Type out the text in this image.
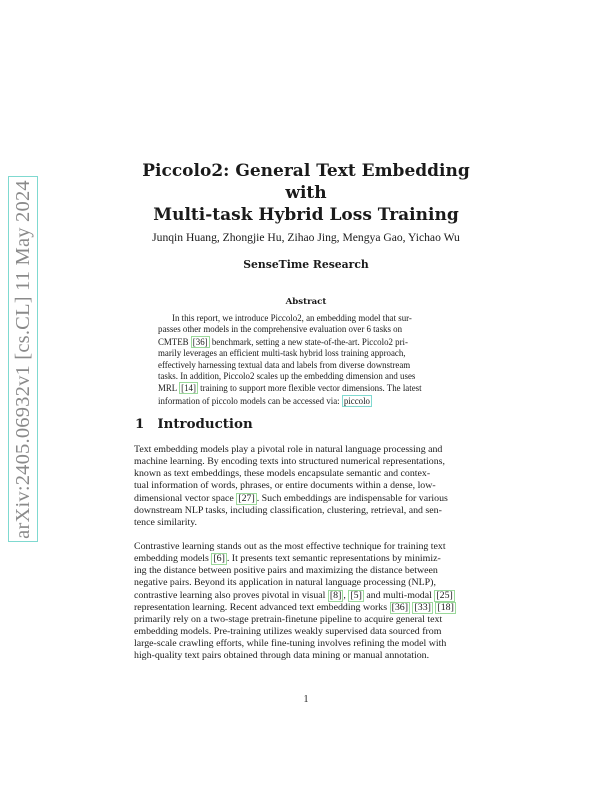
arXiv:2405.06932v1 [cs.CL] 11 May 2024
Piccolo2: General Text Embedding with
Multi-task Hybrid Loss Training
Junqin Huang, Zhongjie Hu, Zihao Jing, Mengya Gao, Yichao Wu
SenseTime Research
Abstract
In this report, we introduce Piccolo2, an embedding model that sur-
passes other models in the comprehensive evaluation over 6 tasks on
CMTEB [36] benchmark, setting a new state-of-the-art. Piccolo2 pri-
marily leverages an efficient multi-task hybrid loss training approach,
effectively harnessing textual data and labels from diverse downstream
tasks. In addition, Piccolo2 scales up the embedding dimension and uses
MRL [14] training to support more flexible vector dimensions. The latest
information of piccolo models can be accessed via: piccolo
1 Introduction
Text embedding models play a pivotal role in natural language processing and
machine learning. By encoding texts into structured numerical representations,
known as text embeddings, these models encapsulate semantic and contex-
tual information of words, phrases, or entire documents within a dense, low-
dimensional vector space [27] . Such embeddings are indispensable for various
downstream NLP tasks, including classification, clustering, retrieval, and sen-
tence similarity.
Contrastive learning stands out as the most effective technique for training text
embedding models [6] . It presents text semantic representations by minimiz-
ing the distance between positive pairs and maximizing the distance between
negative pairs. Beyond its application in natural language processing (NLP),
contrastive learning also proves pivotal in visual [8] , [5] and multi-modal [25]
representation learning. Recent advanced text embedding works [36] [33] [18]
primarily rely on a two-stage pretrain-finetune pipeline to acquire general text
embedding models. Pre-training utilizes weakly supervised data sourced from
large-scale crawling efforts, while fine-tuning involves refining the model with
high-quality text pairs obtained through data mining or manual annotation.
1
